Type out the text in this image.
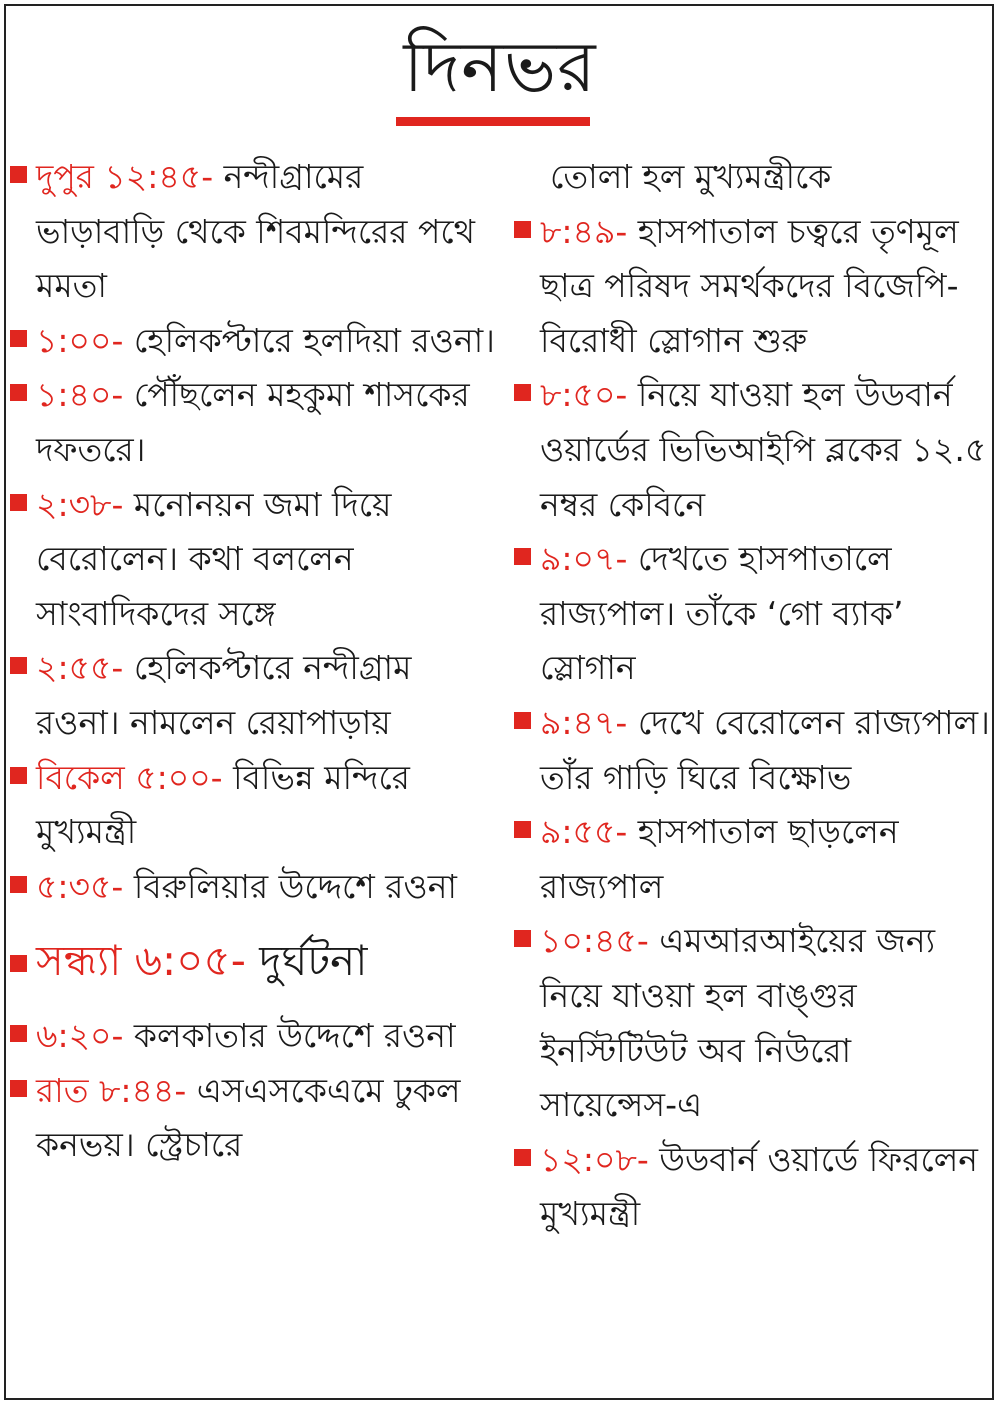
দিনভর
দুপুর ১২:৪৫- নন্দীগ্রামের ভাড়াবাড়ি থেকে শিবমন্দিরের পথে মমতা
১:০০- হেলিকপ্টারে হলদিয়া রওনা।
১:৪০- পৌঁছলেন মহকুমা শাসকের দফতরে।
২:৩৮- মনোনয়ন জমা দিয়ে বেরোলেন। কথা বললেন সাংবাদিকদের সঙ্গে
২:৫৫- হেলিকপ্টারে নন্দীগ্রাম রওনা। নামলেন রেয়াপাড়ায়
বিকেল ৫:০০- বিভিন্ন মন্দিরে মুখ্যমন্ত্রী
৫:৩৫- বিরুলিয়ার উদ্দেশে রওনা
সন্ধ্যা ৬:০৫- দুর্ঘটনা
৬:২০- কলকাতার উদ্দেশে রওনা
রাত ৮:৪৪- এসএসকেএমে ঢুকল কনভয়। স্ট্রেচারে
তোলা হল মুখ্যমন্ত্রীকে
৮:৪৯- হাসপাতাল চত্বরে তৃণমূল ছাত্র পরিষদ সমর্থকদের বিজেপি-বিরোধী স্লোগান শুরু
৮:৫০- নিয়ে যাওয়া হল উডবার্ন ওয়ার্ডের ভিভিআইপি ব্লকের ১২.৫ নম্বর কেবিনে
৯:০৭- দেখতে হাসপাতালে রাজ্যপাল। তাঁকে ‘গো ব্যাক’ স্লোগান
৯:৪৭- দেখে বেরোলেন রাজ্যপাল। তাঁর গাড়ি ঘিরে বিক্ষোভ
৯:৫৫- হাসপাতাল ছাড়লেন রাজ্যপাল
১০:৪৫- এমআরআইয়ের জন্য নিয়ে যাওয়া হল বাঙ্গুর ইনস্টিটিউট অব নিউরো সায়েন্সেস-এ
১২:০৮- উডবার্ন ওয়ার্ডে ফিরলেন মুখ্যমন্ত্রী
